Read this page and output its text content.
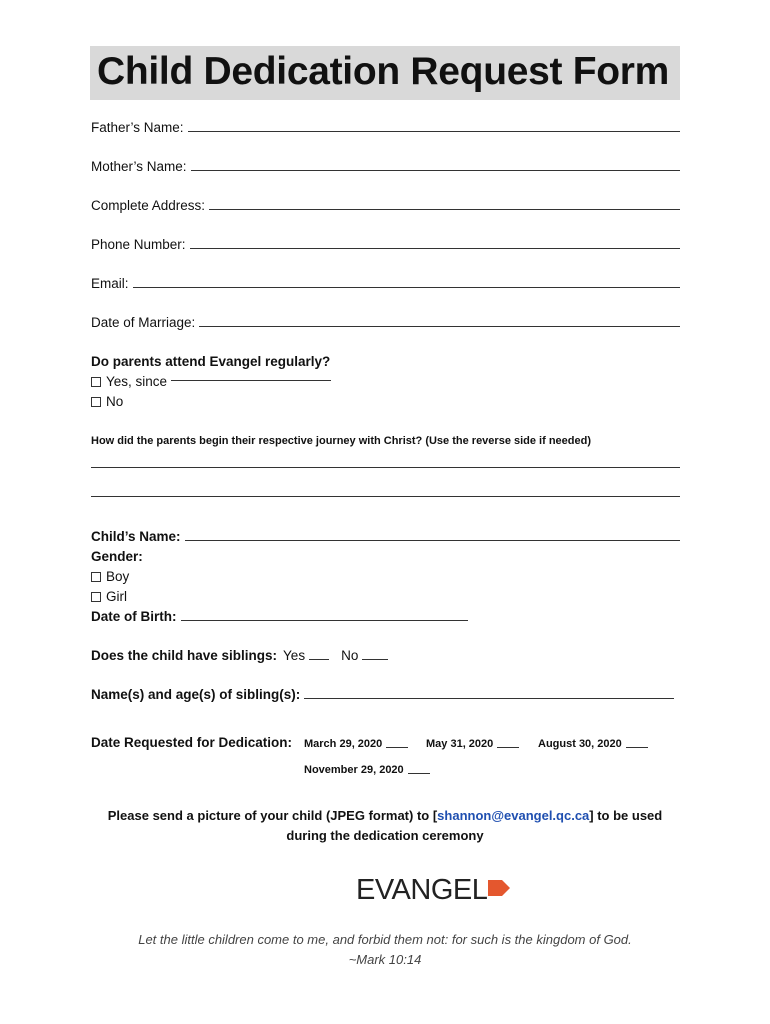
Child Dedication Request Form
Father’s Name:
Mother’s Name:
Complete Address:
Phone Number:
Email:
Date of Marriage:
Do parents attend Evangel regularly?
Yes, since
No
How did the parents begin their respective journey with Christ? (Use the reverse side if needed)
Child’s Name:
Gender:
Boy
Girl
Date of Birth:
Does the child have siblings: Yes	No
Name(s) and age(s) of sibling(s):
Date Requested for Dedication: March 29, 2020	May 31, 2020	August 30, 2020
November 29, 2020
Please send a picture of your child (JPEG format) to [shannon@evangel.qc.ca] to be used
during the dedication ceremony
EVANGEL
Let the little children come to me, and forbid them not: for such is the kingdom of God.
~Mark 10:14
